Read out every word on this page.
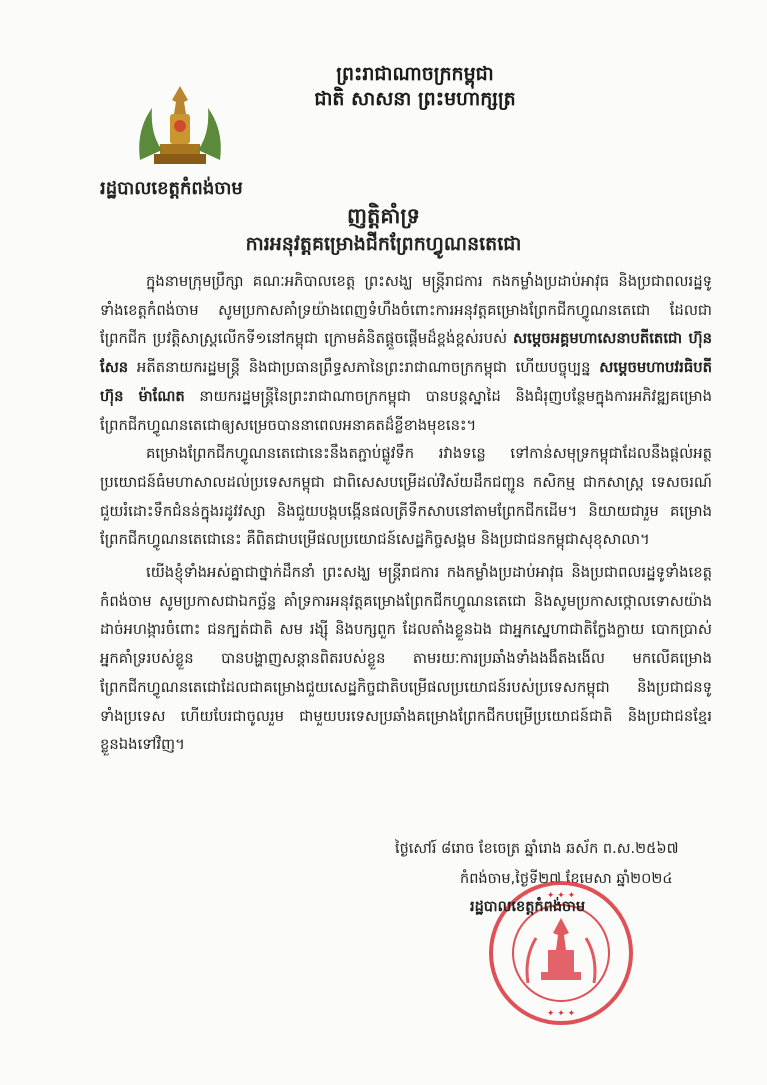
ព្រះរាជាណាចក្រកម្ពុជា
ជាតិ សាសនា ព្រះមហាក្សត្រ
រដ្ឋបាលខេត្តកំពង់ចាម
ញត្តិគាំទ្រ
ការអនុវត្តគម្រោងជីកព្រែកហ្វូណនតេជោ

ក្នុងនាមក្រុមប្រឹក្សា គណៈអភិបាលខេត្ត ព្រះសង្ឃ មន្ត្រីរាជការ កងកម្លាំងប្រដាប់អាវុធ និងប្រជាពលរដ្ឋទូទាំងខេត្តកំពង់ចាម សូមប្រកាសគាំទ្រយ៉ាងពេញទំហឹងចំពោះការអនុវត្តគម្រោងព្រែកជីកហ្វូណនតេជោ ដែលជាព្រែកជីក ប្រវត្តិសាស្ត្រលើកទី១នៅកម្ពុជា ក្រោមគំនិតផ្តួចផ្តើមដ៏ខ្ពង់ខ្ពស់របស់ សម្តេចអគ្គមហាសេនាបតីតេជោ ហ៊ុន សែន អតីតនាយករដ្ឋមន្ត្រី និងជាប្រធានព្រឹទ្ធសភានៃព្រះរាជាណាចក្រកម្ពុជា ហើយបច្ចុប្បន្ន សម្តេចមហាបវរធិបតី ហ៊ុន ម៉ាណែត នាយករដ្ឋមន្ត្រីនៃព្រះរាជាណាចក្រកម្ពុជា បានបន្តស្នាដៃ និងជំរុញបន្ថែមក្នុងការអភិវឌ្ឍគម្រោងព្រែកជីកហ្វូណនតេជោឲ្យសម្រេចបាននាពេលអនាគតដ៏ខ្លីខាងមុខនេះ។

គម្រោងព្រែកជីកហ្វូណនតេជោនេះនឹងតភ្ជាប់ផ្លូវទឹក រវាងទន្លេ ទៅកាន់សមុទ្រកម្ពុជាដែលនឹងផ្តល់អត្ថប្រយោជន៍ធំមហាសាលដល់ប្រទេសកម្ពុជា ជាពិសេសបម្រើដល់វិស័យដឹកជញ្ជូន កសិកម្ម ជាកសាស្ត្រ ទេសចរណ៍ ជួយរំដោះទឹកជំនន់ក្នុងរដូវវស្សា និងជួយបង្កបង្កើនផលត្រីទឹកសាបនៅតាមព្រែកជីកដើម។ និយាយជារួម គម្រោងព្រែកជីកហ្វូណនតេជោនេះ គឺពិតជាបម្រើផលប្រយោជន៍សេដ្ឋកិច្ចសង្គម និងប្រជាជនកម្ពុជាសុខុសាលា។

យើងខ្ញុំទាំងអស់គ្នាជាថ្នាក់ដឹកនាំ ព្រះសង្ឃ មន្ត្រីរាជការ កងកម្លាំងប្រដាប់អាវុធ និងប្រជាពលរដ្ឋទូទាំងខេត្តកំពង់ចាម សូមប្រកាសជាឯកច្ឆ័ន្ទ គាំទ្រការអនុវត្តគម្រោងព្រែកជីកហ្វូណនតេជោ និងសូមប្រកាសថ្កោលទោសយ៉ាងដាច់អហង្ការចំពោះ ជនក្បត់ជាតិ សម រង្ស៊ី និងបក្សពួក ដែលតាំងខ្លួនឯង ជាអ្នកស្នេហាជាតិក្លែងក្លាយ បោកប្រាស់អ្នកគាំទ្ររបស់ខ្លួន បានបង្ហាញសន្តានពិតរបស់ខ្លួន តាមរយៈការប្រឆាំងទាំងងងឹតងងើល មកលើគម្រោងព្រែកជីកហ្វូណនតេជោដែលជាគម្រោងជួយសេដ្ឋកិច្ចជាតិបម្រើផលប្រយោជន៍របស់ប្រទេសកម្ពុជា និងប្រជាជនទូទាំងប្រទេស ហើយបែរជាចូលរួម ជាមួយបរទេសប្រឆាំងគម្រោងព្រែកជីកបម្រើប្រយោជន៍ជាតិ និងប្រជាជនខ្មែរខ្លួនឯងទៅវិញ។

ថ្ងៃសៅរ៍ ៨រោច ខែចេត្រ ឆ្នាំរោង ឆស័ក ព.ស.២៥៦៧
កំពង់ចាម,ថ្ងៃទី២៧ ខែមេសា ឆ្នាំ២០២៤
✦ ✦ ✦
✦ ✦ ✦
រដ្ឋបាលខេត្តកំពង់ចាម
